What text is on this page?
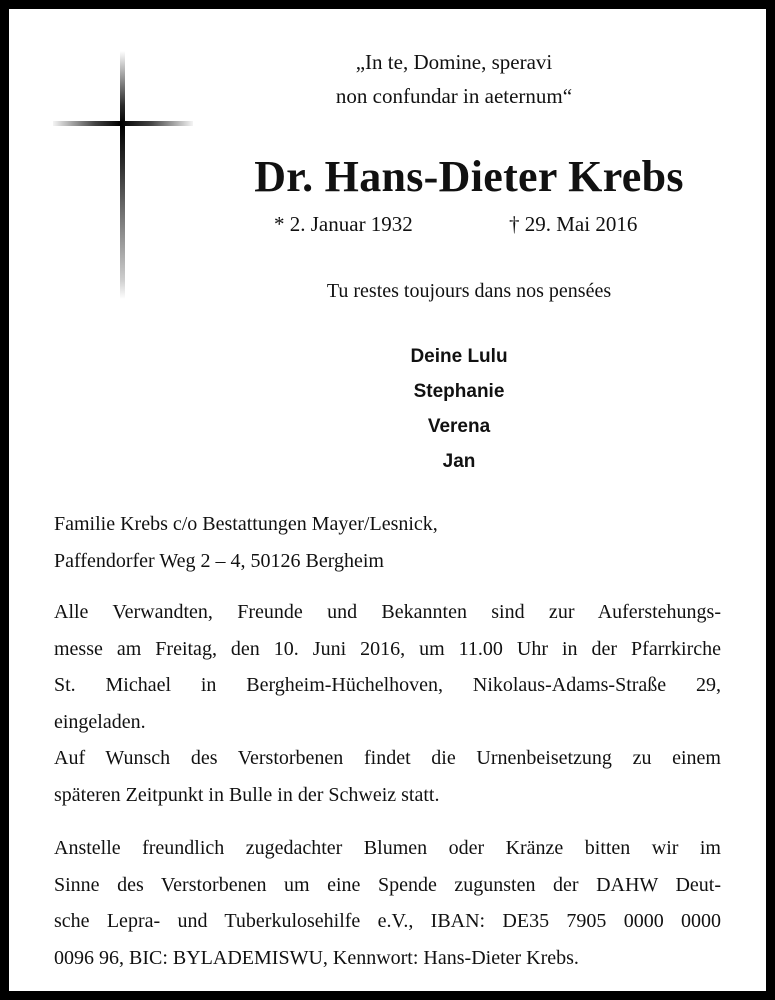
„In te, Domine, speravi
non confundar in aeternum“
Dr. Hans-Dieter Krebs
* 2. Januar 1932	† 29. Mai 2016
Tu restes toujours dans nos pensées
Deine Lulu
Stephanie
Verena
Jan
Familie Krebs c/o Bestattungen Mayer/Lesnick,
Paffendorfer Weg 2 – 4, 50126 Bergheim
Alle Verwandten, Freunde und Bekannten sind zur Auferstehungs-
messe am Freitag, den 10. Juni 2016, um 11.00 Uhr in der Pfarrkirche
St. Michael in Bergheim-Hüchelhoven, Nikolaus-Adams-Straße 29,
eingeladen.
Auf Wunsch des Verstorbenen findet die Urnenbeisetzung zu einem
späteren Zeitpunkt in Bulle in der Schweiz statt.
Anstelle freundlich zugedachter Blumen oder Kränze bitten wir im
Sinne des Verstorbenen um eine Spende zugunsten der DAHW Deut-
sche Lepra- und Tuberkulosehilfe e.V., IBAN: DE35 7905 0000 0000
0096 96, BIC: BYLADEMISWU, Kennwort: Hans-Dieter Krebs.
